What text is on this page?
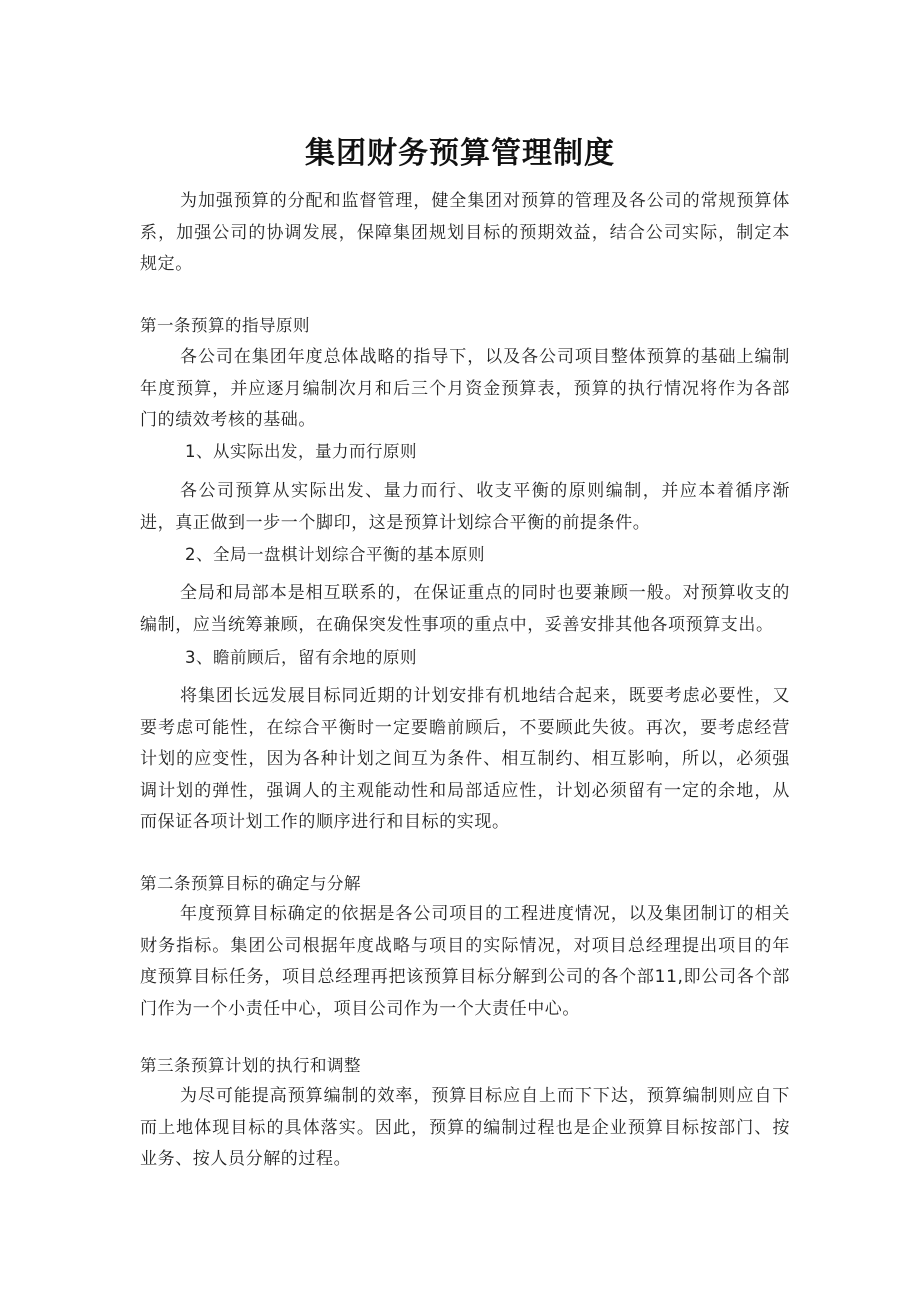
集团财务预算管理制度

为加强预算的分配和监督管理，健全集团对预算的管理及各公司的常规预算体系，加强公司的协调发展，保障集团规划目标的预期效益，结合公司实际，制定本规定。

第一条预算的指导原则

各公司在集团年度总体战略的指导下，以及各公司项目整体预算的基础上编制年度预算，并应逐月编制次月和后三个月资金预算表，预算的执行情况将作为各部门的绩效考核的基础。

1、从实际出发，量力而行原则

各公司预算从实际出发、量力而行、收支平衡的原则编制，并应本着循序渐进，真正做到一步一个脚印，这是预算计划综合平衡的前提条件。

2、全局一盘棋计划综合平衡的基本原则

全局和局部本是相互联系的，在保证重点的同时也要兼顾一般。对预算收支的编制，应当统筹兼顾，在确保突发性事项的重点中，妥善安排其他各项预算支出。

3、瞻前顾后，留有余地的原则

将集团长远发展目标同近期的计划安排有机地结合起来，既要考虑必要性，又要考虑可能性，在综合平衡时一定要瞻前顾后，不要顾此失彼。再次，要考虑经营计划的应变性，因为各种计划之间互为条件、相互制约、相互影响，所以，必须强调计划的弹性，强调人的主观能动性和局部适应性，计划必须留有一定的余地，从而保证各项计划工作的顺序进行和目标的实现。

第二条预算目标的确定与分解

年度预算目标确定的依据是各公司项目的工程进度情况，以及集团制订的相关财务指标。集团公司根据年度战略与项目的实际情况，对项目总经理提出项目的年度预算目标任务，项目总经理再把该预算目标分解到公司的各个部11,即公司各个部门作为一个小责任中心，项目公司作为一个大责任中心。

第三条预算计划的执行和调整

为尽可能提高预算编制的效率，预算目标应自上而下下达，预算编制则应自下而上地体现目标的具体落实。因此，预算的编制过程也是企业预算目标按部门、按业务、按人员分解的过程。
